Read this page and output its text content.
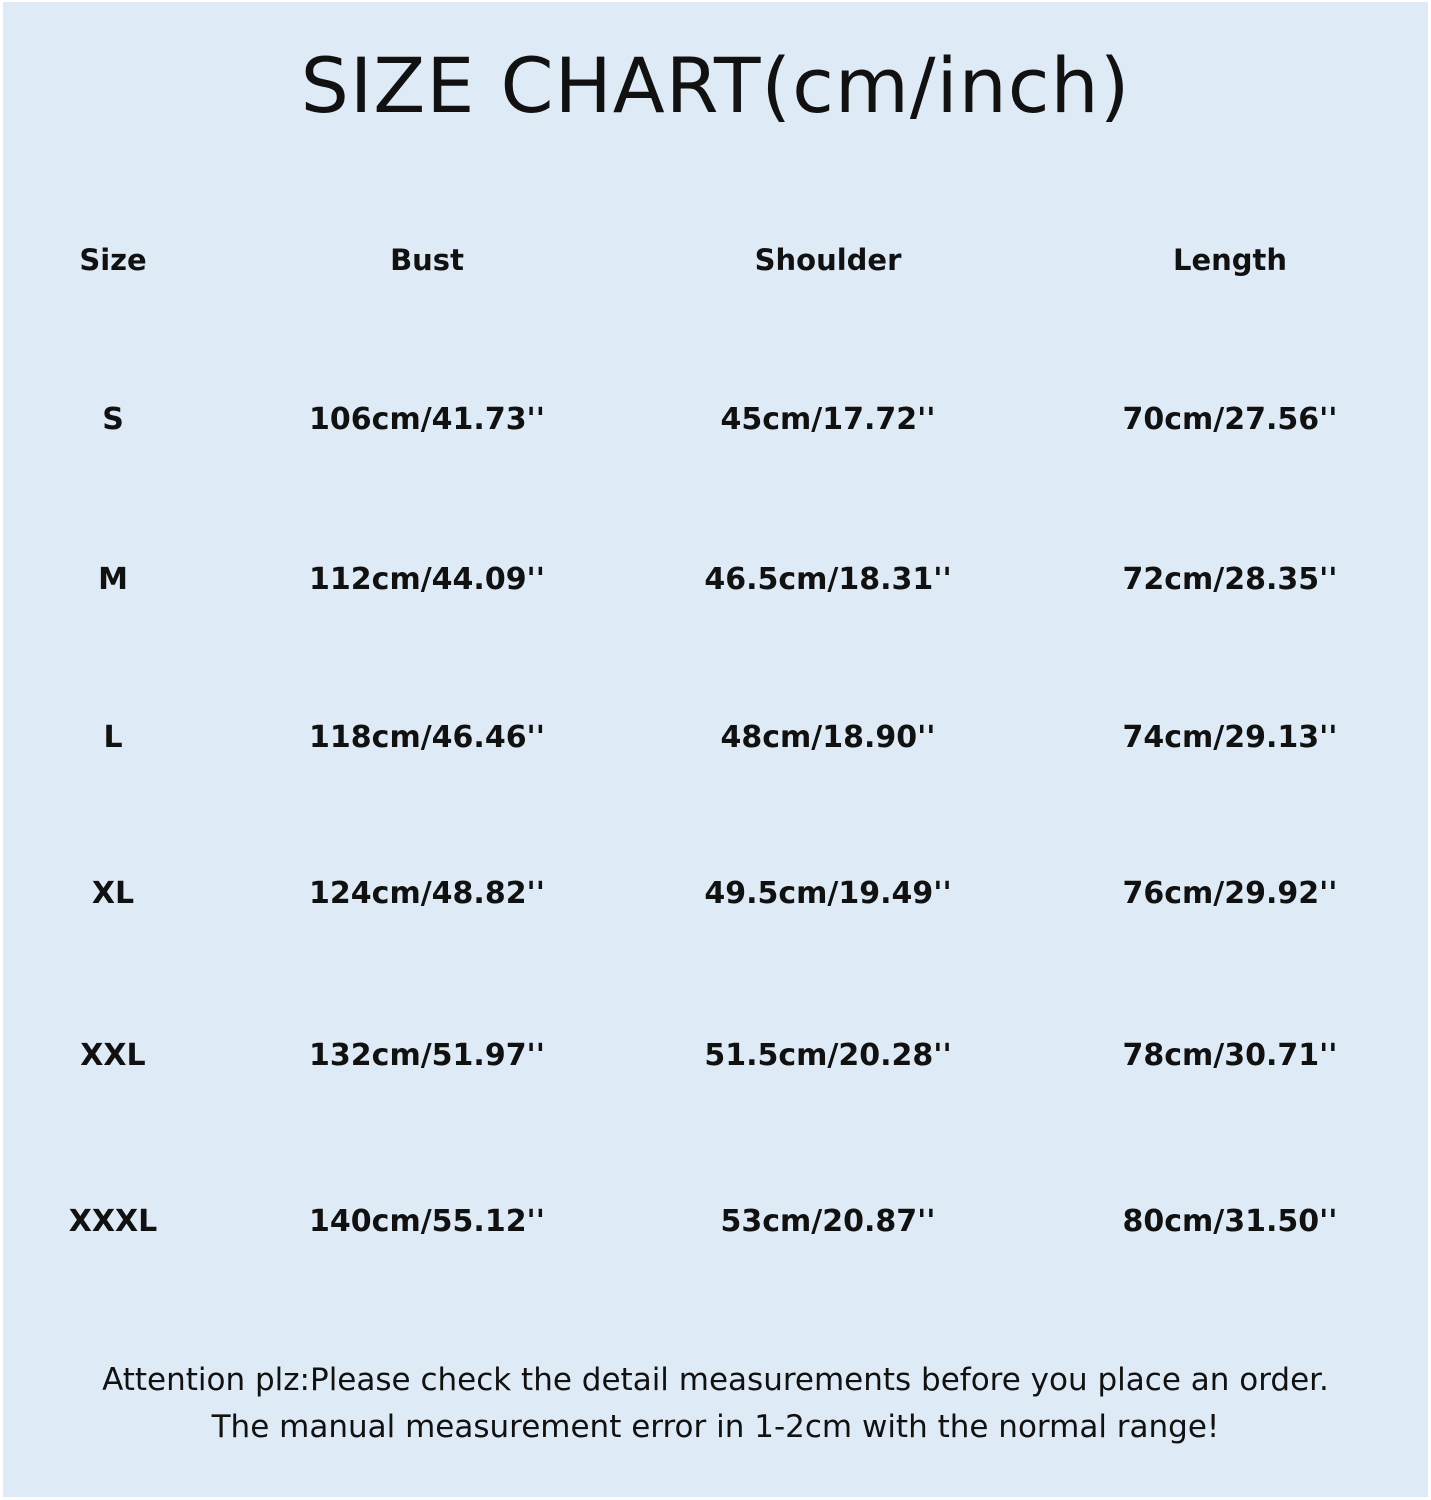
SIZE CHART(cm/inch)
Size	Bust	Shoulder	Length
S	106cm/41.73''	45cm/17.72''	70cm/27.56''
M	112cm/44.09''	46.5cm/18.31''	72cm/28.35''
L	118cm/46.46''	48cm/18.90''	74cm/29.13''
XL	124cm/48.82''	49.5cm/19.49''	76cm/29.92''
XXL	132cm/51.97''	51.5cm/20.28''	78cm/30.71''
XXXL	140cm/55.12''	53cm/20.87''	80cm/31.50''
Attention plz:Please check the detail measurements before you place an order.
The manual measurement error in 1-2cm with the normal range!
